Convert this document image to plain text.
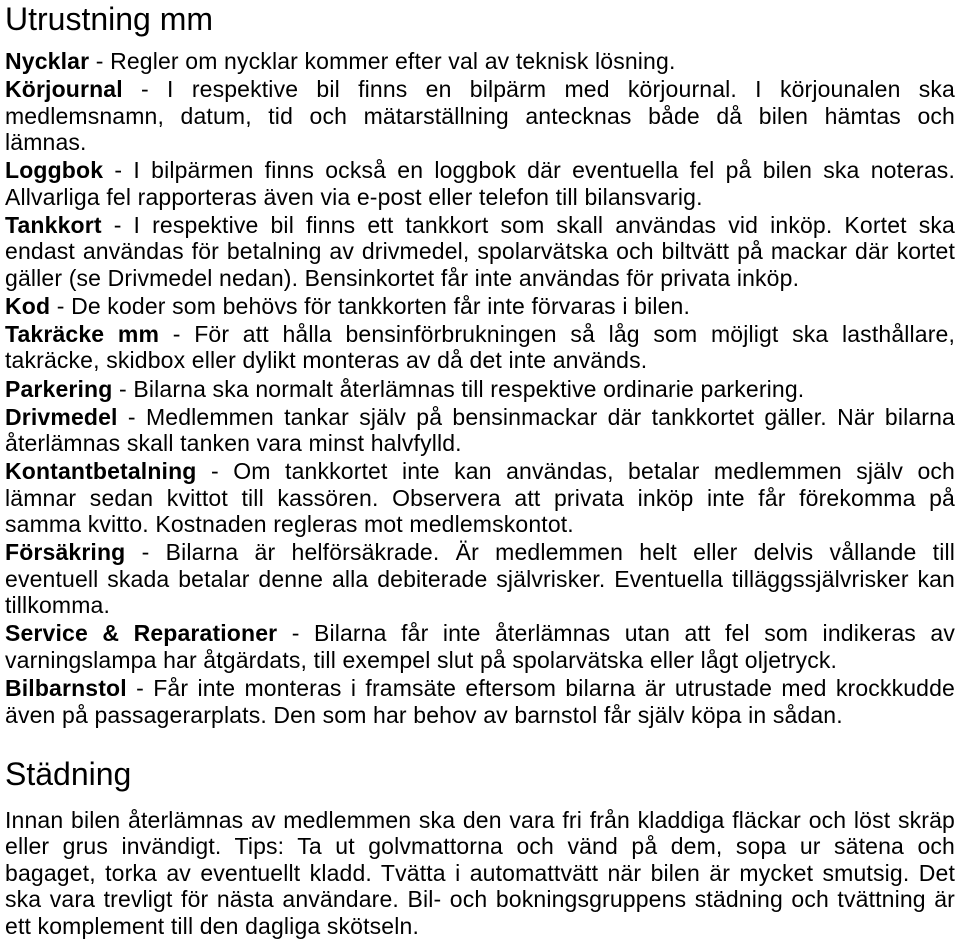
Utrustning mm
Nycklar - Regler om nycklar kommer efter val av teknisk lösning.
Körjournal - I respektive bil finns en bilpärm med körjournal. I körjounalen ska
medlemsnamn, datum, tid och mätarställning antecknas både då bilen hämtas och
lämnas.
Loggbok - I bilpärmen finns också en loggbok där eventuella fel på bilen ska noteras.
Allvarliga fel rapporteras även via e-post eller telefon till bilansvarig.
Tankkort - I respektive bil finns ett tankkort som skall användas vid inköp. Kortet ska
endast användas för betalning av drivmedel, spolarvätska och biltvätt på mackar där kortet
gäller (se Drivmedel nedan). Bensinkortet får inte användas för privata inköp.
Kod - De koder som behövs för tankkorten får inte förvaras i bilen.
Takräcke mm - För att hålla bensinförbrukningen så låg som möjligt ska lasthållare,
takräcke, skidbox eller dylikt monteras av då det inte används.
Parkering - Bilarna ska normalt återlämnas till respektive ordinarie parkering.
Drivmedel - Medlemmen tankar själv på bensinmackar där tankkortet gäller. När bilarna
återlämnas skall tanken vara minst halvfylld.
Kontantbetalning - Om tankkortet inte kan användas, betalar medlemmen själv och
lämnar sedan kvittot till kassören. Observera att privata inköp inte får förekomma på
samma kvitto. Kostnaden regleras mot medlemskontot.
Försäkring - Bilarna är helförsäkrade. Är medlemmen helt eller delvis vållande till
eventuell skada betalar denne alla debiterade självrisker. Eventuella tilläggssjälvrisker kan
tillkomma.
Service & Reparationer - Bilarna får inte återlämnas utan att fel som indikeras av
varningslampa har åtgärdats, till exempel slut på spolarvätska eller lågt oljetryck.
Bilbarnstol - Får inte monteras i framsäte eftersom bilarna är utrustade med krockkudde
även på passagerarplats. Den som har behov av barnstol får själv köpa in sådan.
Städning
Innan bilen återlämnas av medlemmen ska den vara fri från kladdiga fläckar och löst skräp
eller grus invändigt. Tips: Ta ut golvmattorna och vänd på dem, sopa ur sätena och
bagaget, torka av eventuellt kladd. Tvätta i automattvätt när bilen är mycket smutsig. Det
ska vara trevligt för nästa användare. Bil- och bokningsgruppens städning och tvättning är
ett komplement till den dagliga skötseln.
